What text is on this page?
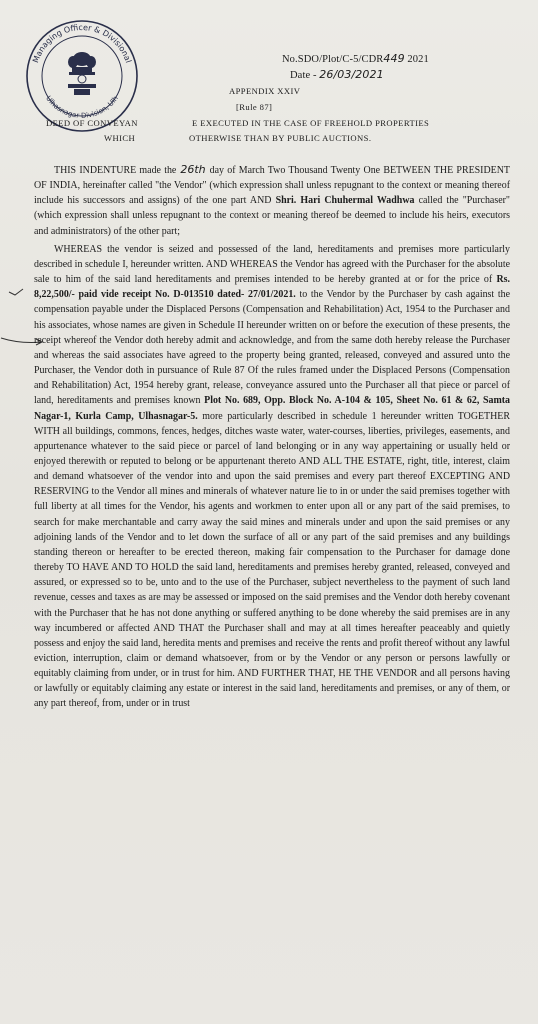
Managing Officer & Divisional
Ulhasnagar Division, Ulh
No.SDO/Plot/C-5/CDR449 2021
Date - 26/03/2021
APPENDIX XXIV
[Rule 87]
DEED OF CONVEYAN	E EXECUTED IN THE CASE OF FREEHOLD PROPERTIES
WHICH	OTHERWISE THAN BY PUBLIC AUCTIONS.

THIS INDENTURE made the 26th day of March Two Thousand Twenty One BETWEEN THE PRESIDENT OF INDIA, hereinafter called "the Vendor" (which expression shall unless repugnant to the context or meaning thereof include his successors and assigns) of the one part AND Shri. Hari Chuhermal Wadhwa called the "Purchaser" (which expression shall unless repugnant to the context or meaning thereof be deemed to include his heirs, executors and administrators) of the other part;

WHEREAS the vendor is seized and possessed of the land, hereditaments and premises more particularly described in schedule I, hereunder written. AND WHEREAS the Vendor has agreed with the Purchaser for the absolute sale to him of the said land hereditaments and premises intended to be hereby granted at or for the price of Rs. 8,22,500/- paid vide receipt No. D-013510 dated- 27/01/2021. to the Vendor by the Purchaser by cash against the compensation payable under the Displaced Persons (Compensation and Rehabilitation) Act, 1954 to the Purchaser and his associates, whose names are given in Schedule II hereunder written on or before the execution of these presents, the receipt whereof the Vendor doth hereby admit and acknowledge, and from the same doth hereby release the Purchaser and whereas the said associates have agreed to the property being granted, released, conveyed and assured unto the Purchaser, the Vendor doth in pursuance of Rule 87 Of the rules framed under the Displaced Persons (Compensation and Rehabilitation) Act, 1954 hereby grant, release, conveyance assured unto the Purchaser all that piece or parcel of land, hereditaments and premises known Plot No. 689, Opp. Block No. A-104 & 105, Sheet No. 61 & 62, Samta Nagar-1, Kurla Camp, Ulhasnagar-5. more particularly described in schedule 1 hereunder written TOGETHER WITH all buildings, commons, fences, hedges, ditches waste water, water-courses, liberties, privileges, easements, and appurtenance whatever to the said piece or parcel of land belonging or in any way appertaining or usually held or enjoyed therewith or reputed to belong or be appurtenant thereto AND ALL THE ESTATE, right, title, interest, claim and demand whatsoever of the vendor into and upon the said premises and every part thereof EXCEPTING AND RESERVING to the Vendor all mines and minerals of whatever nature lie to in or under the said premises together with full liberty at all times for the Vendor, his agents and workmen to enter upon all or any part of the said premises, to search for make merchantable and carry away the said mines and minerals under and upon the said premises or any adjoining lands of the Vendor and to let down the surface of all or any part of the said premises and any buildings standing thereon or hereafter to be erected thereon, making fair compensation to the Purchaser for damage done thereby TO HAVE AND TO HOLD the said land, hereditaments and premises hereby granted, released, conveyed and assured, or expressed so to be, unto and to the use of the Purchaser, subject nevertheless to the payment of such land revenue, cesses and taxes as are may be assessed or imposed on the said premises and the Vendor doth hereby covenant with the Purchaser that he has not done anything or suffered anything to be done whereby the said premises are in any way incumbered or affected AND THAT the Purchaser shall and may at all times hereafter peaceably and quietly possess and enjoy the said land, heredita ments and premises and receive the rents and profit thereof without any lawful eviction, interruption, claim or demand whatsoever, from or by the Vendor or any person or persons lawfully or equitably claiming from under, or in trust for him. AND FURTHER THAT, HE THE VENDOR and all persons having or lawfully or equitably claiming any estate or interest in the said land, hereditaments and premises, or any of them, or any part thereof, from, under or in trust
